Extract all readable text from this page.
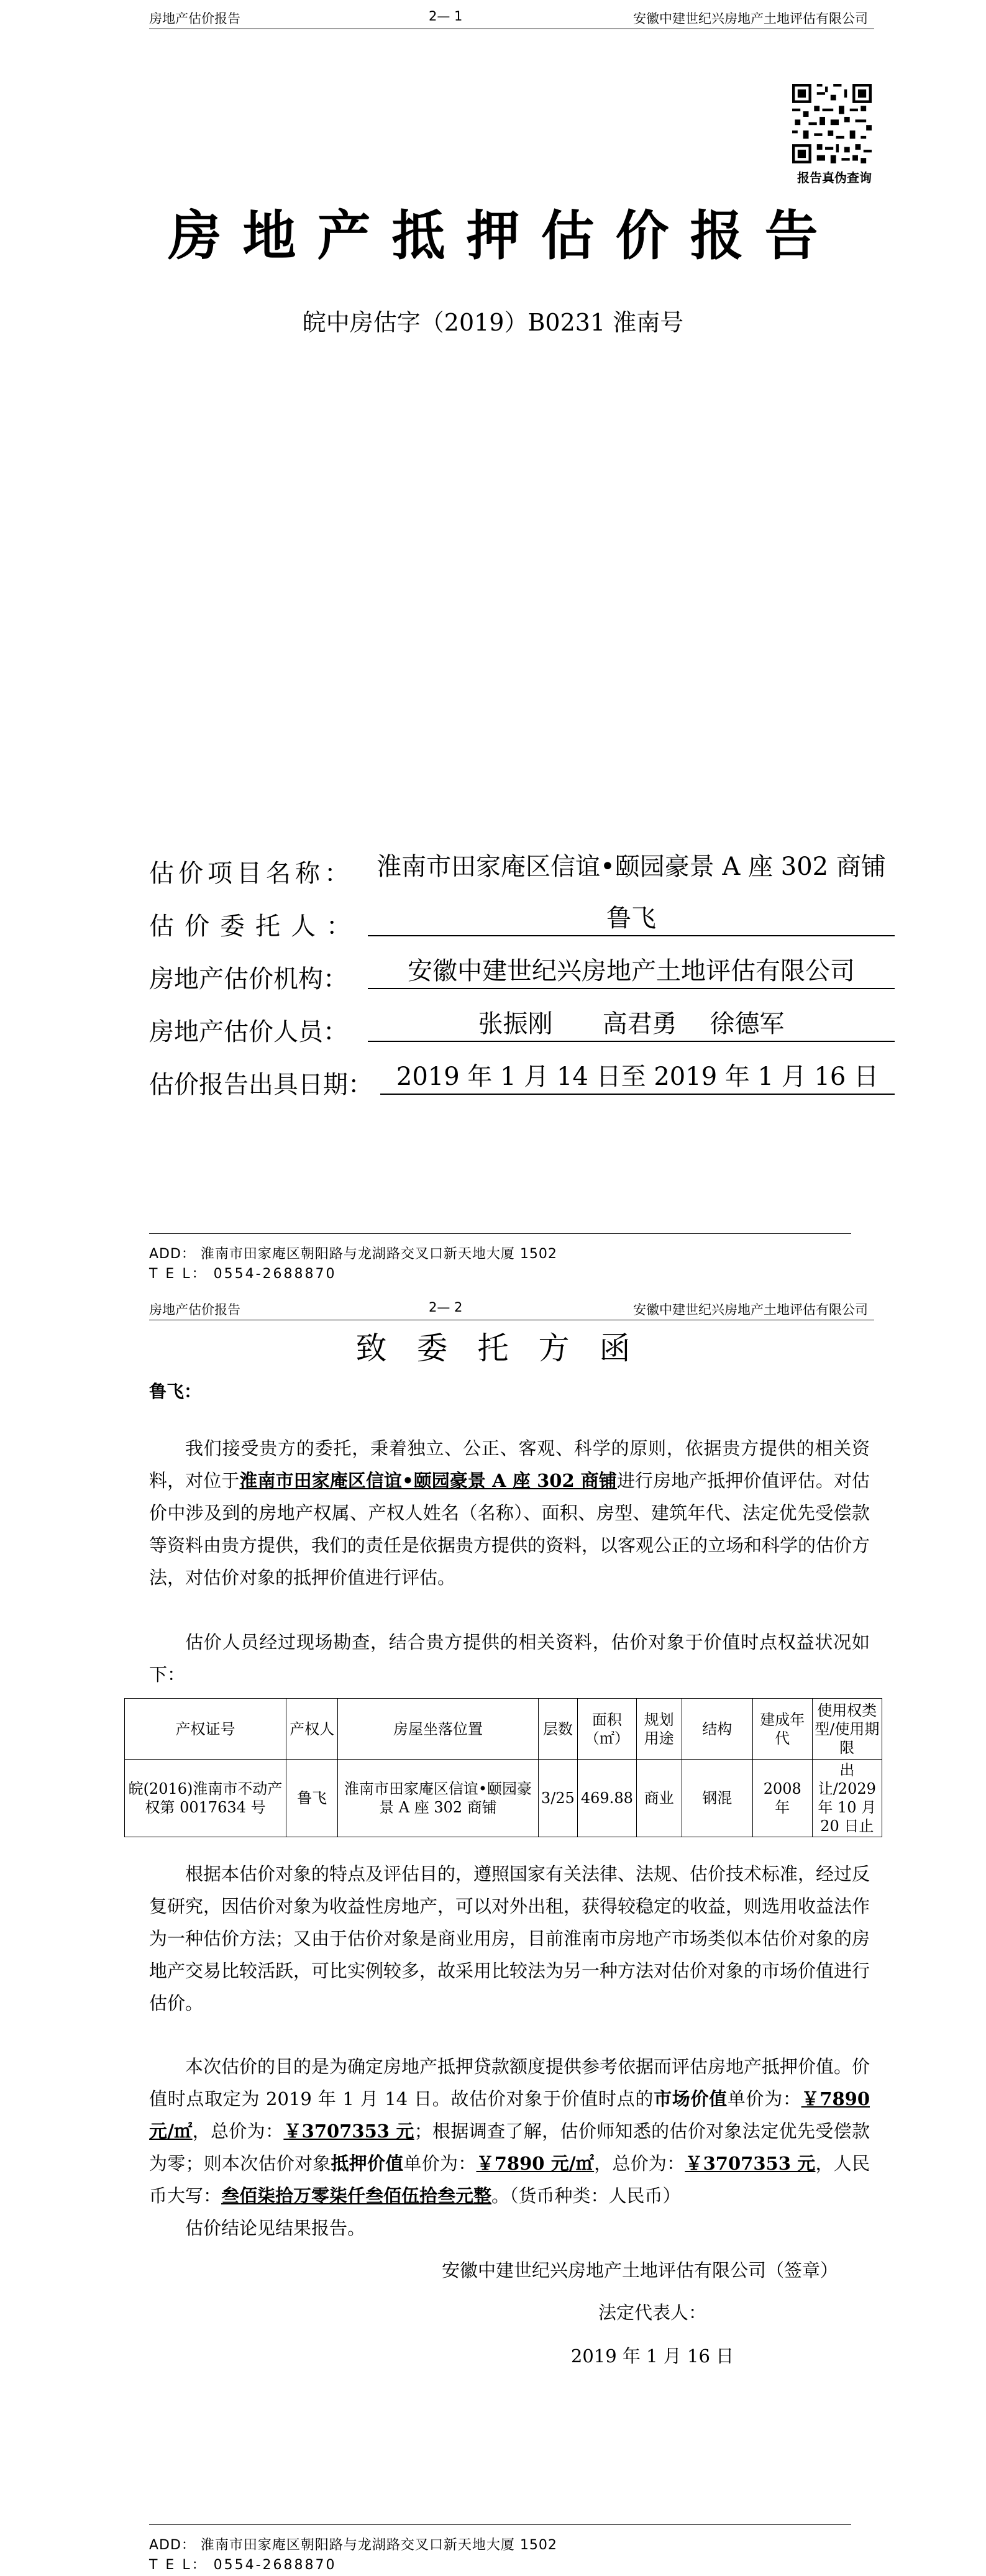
房地产估价报告	2— 1	安徽中建世纪兴房地产土地评估有限公司
报告真伪查询
房地产抵押估价报告
皖中房估字（2019）B0231 淮南号
估价项目名称： 淮南市田家庵区信谊•颐园豪景 A 座 302 商铺
估价委托人：	鲁飞
房地产估价机构：	安徽中建世纪兴房地产土地评估有限公司
房地产估价人员：	张振刚　　高君勇　 徐德军
估价报告出具日期： 2019 年 1 月 14 日至 2019 年 1 月 16 日
ADD： 淮南市田家庵区朝阳路与龙湖路交叉口新天地大厦 1502
T E L： 0554-2688870
房地产估价报告	2— 2	安徽中建世纪兴房地产土地评估有限公司
致委托方函
鲁飞：
我们接受贵方的委托，秉着独立、公正、客观、科学的原则，依据贵方提供的相关资料，对位于淮南市田家庵区信谊•颐园豪景 A 座 302 商铺进行房地产抵押价值评估。对估价中涉及到的房地产权属、产权人姓名（名称）、面积、房型、建筑年代、法定优先受偿款等资料由贵方提供，我们的责任是依据贵方提供的资料，以客观公正的立场和科学的估价方法，对估价对象的抵押价值进行评估。
估价人员经过现场勘查，结合贵方提供的相关资料，估价对象于价值时点权益状况如下：
产权证号	产权人	房屋坐落位置	层数	面积（㎡）	规划用途	结构	建成年代	使用权类型/使用期限
皖(2016)淮南市不动产权第 0017634 号	鲁飞	淮南市田家庵区信谊•颐园豪景 A 座 302 商铺	3/25	469.88	商业	钢混	2008 年	出让/2029 年 10 月 20 日止
根据本估价对象的特点及评估目的，遵照国家有关法律、法规、估价技术标准，经过反复研究，因估价对象为收益性房地产，可以对外出租，获得较稳定的收益，则选用收益法作为一种估价方法；又由于估价对象是商业用房，目前淮南市房地产市场类似本估价对象的房地产交易比较活跃，可比实例较多，故采用比较法为另一种方法对估价对象的市场价值进行估价。
本次估价的目的是为确定房地产抵押贷款额度提供参考依据而评估房地产抵押价值。价值时点取定为 2019 年 1 月 14 日。故估价对象于价值时点的市场价值单价为：￥7890 元/㎡，总价为：￥3707353 元；根据调查了解，估价师知悉的估价对象法定优先受偿款为零；则本次估价对象抵押价值单价为：￥7890 元/㎡，总价为：￥3707353 元，人民币大写：叁佰柒拾万零柒仟叁佰伍拾叁元整。（货币种类：人民币）
估价结论见结果报告。
安徽中建世纪兴房地产土地评估有限公司（签章）
法定代表人：
2019 年 1 月 16 日
ADD： 淮南市田家庵区朝阳路与龙湖路交叉口新天地大厦 1502
T E L： 0554-2688870
